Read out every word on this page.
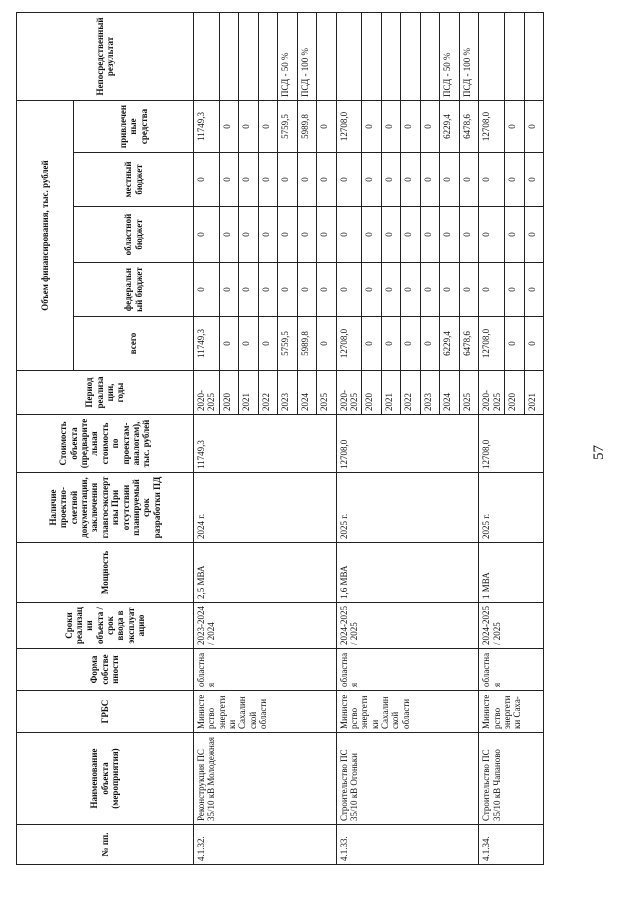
№ пп.	Наименование объекта (мероприятия)	ГРБС	Форма собственности	Сроки реализации объекта / срок ввода в эксплуатацию	Мощность	Наличие проектно-сметной документации, заключения главгосэкспертизы При отсутствии планируемый срок разработки ПД	Стоимость объекта (предварительная стоимость по проектам-аналогам), тыс. рублей	Период реализации, годы	Объем финансирования, тыс. рублей					Непосредственный результат
									всего	федеральный бюджет	областной бюджет	местный бюджет	привлеченные средства	
4.1.32.	Реконструкция ПС 35/10 кВ Молодежная	Министерство энергетики Сахалинской области	областная	2023-2024 / 2024	2,5 МВА	2024 г.	11749,3	2020-2025	11749,3	0	0	0	11749,3	
								2020	0	0	0	0	0	
								2021	0	0	0	0	0	
								2022	0	0	0	0	0	
								2023	5759,5	0	0	0	5759,5	ПСД - 50 %
								2024	5989,8	0	0	0	5989,8	ПСД - 100 %
								2025	0	0	0	0	0	
4.1.33.	Строительство ПС 35/10 кВ Огоньки	Министерство энергетики Сахалинской области	областная	2024-2025 / 2025	1,6 МВА	2025 г.	12708,0	2020-2025	12708,0	0	0	0	12708,0	
								2020	0	0	0	0	0	
								2021	0	0	0	0	0	
								2022	0	0	0	0	0	
								2023	0	0	0	0	0	
								2024	6229,4	0	0	0	6229,4	ПСД - 50 %
								2025	6478,6	0	0	0	6478,6	ПСД - 100 %
4.1.34.	Строительство ПС 35/10 кВ Чапаново	Министерство энергетики Саха-	областная	2024-2025 / 2025	1 МВА	2025 г.	12708,0	2020-2025	12708,0	0	0	0	12708,0	
								2020	0	0	0	0	0	
								2021	0	0	0	0	0	
57
